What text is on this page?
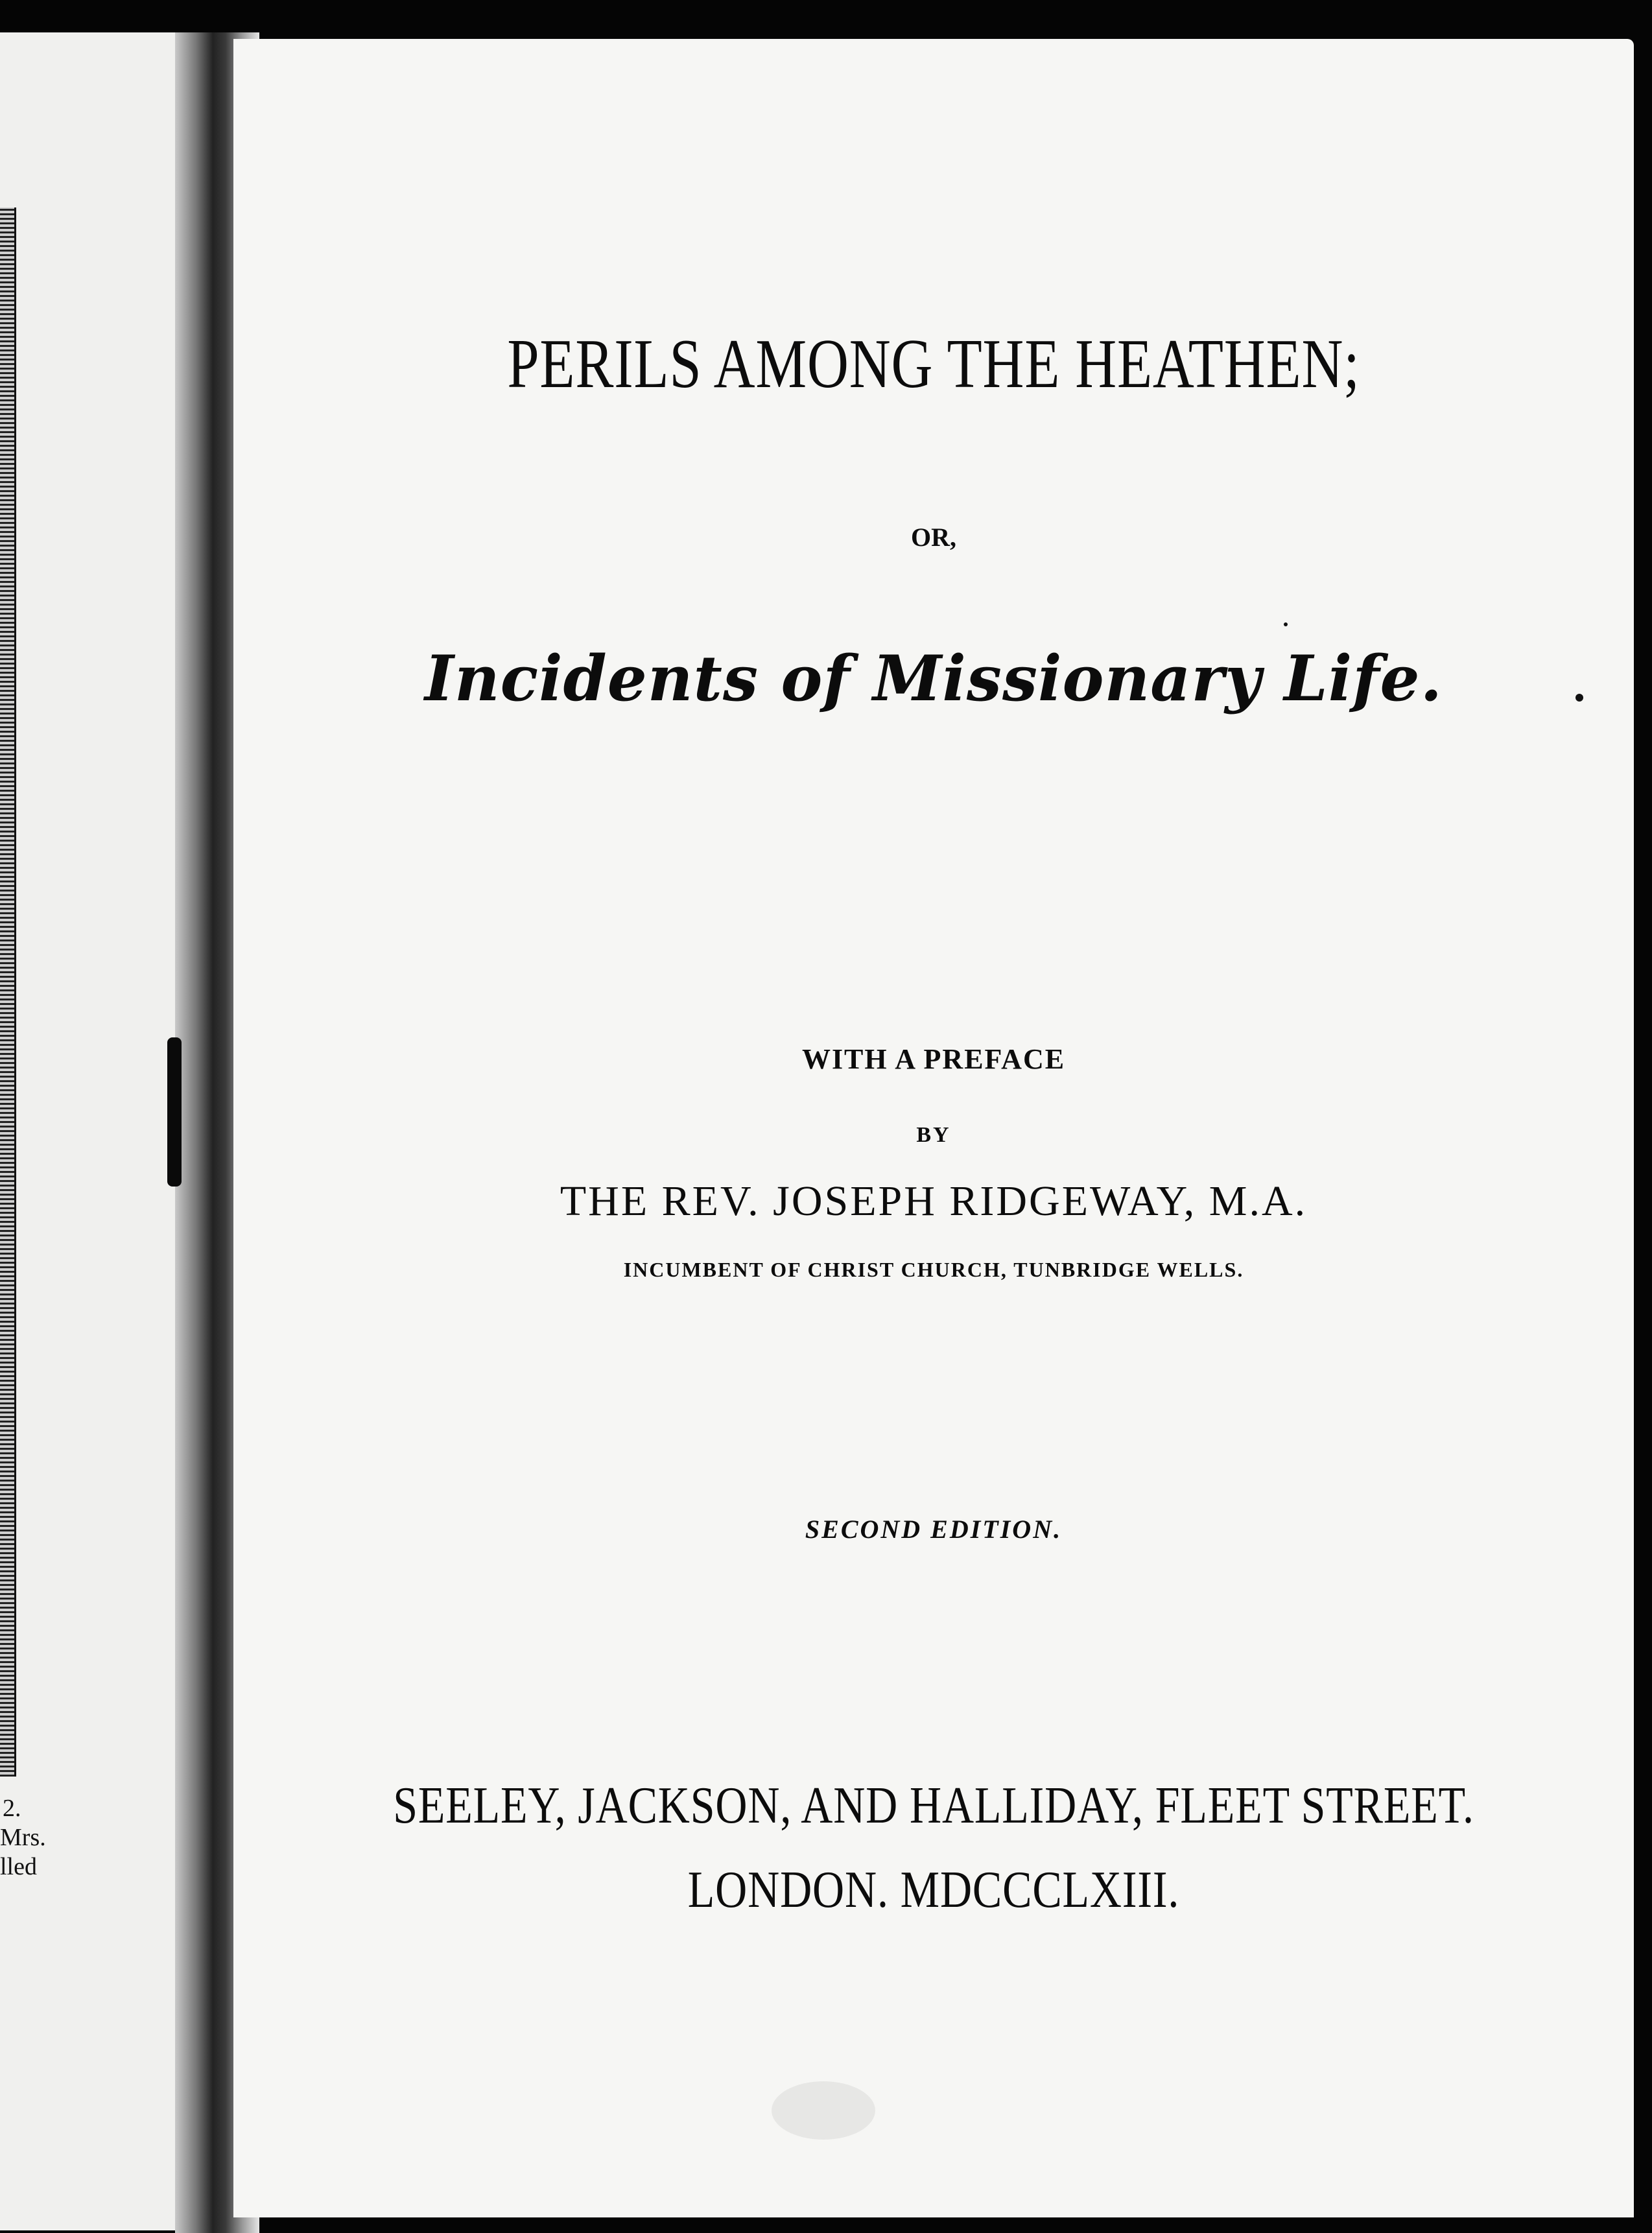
2.
Mrs.
lled
PERILS AMONG THE HEATHEN;
OR,
Incidents of Missionary Life.
WITH A PREFACE
BY
THE REV. JOSEPH RIDGEWAY, M.A.
INCUMBENT OF CHRIST CHURCH, TUNBRIDGE WELLS.
SECOND EDITION.
SEELEY, JACKSON, AND HALLIDAY, FLEET STREET.
LONDON. MDCCCLXIII.
